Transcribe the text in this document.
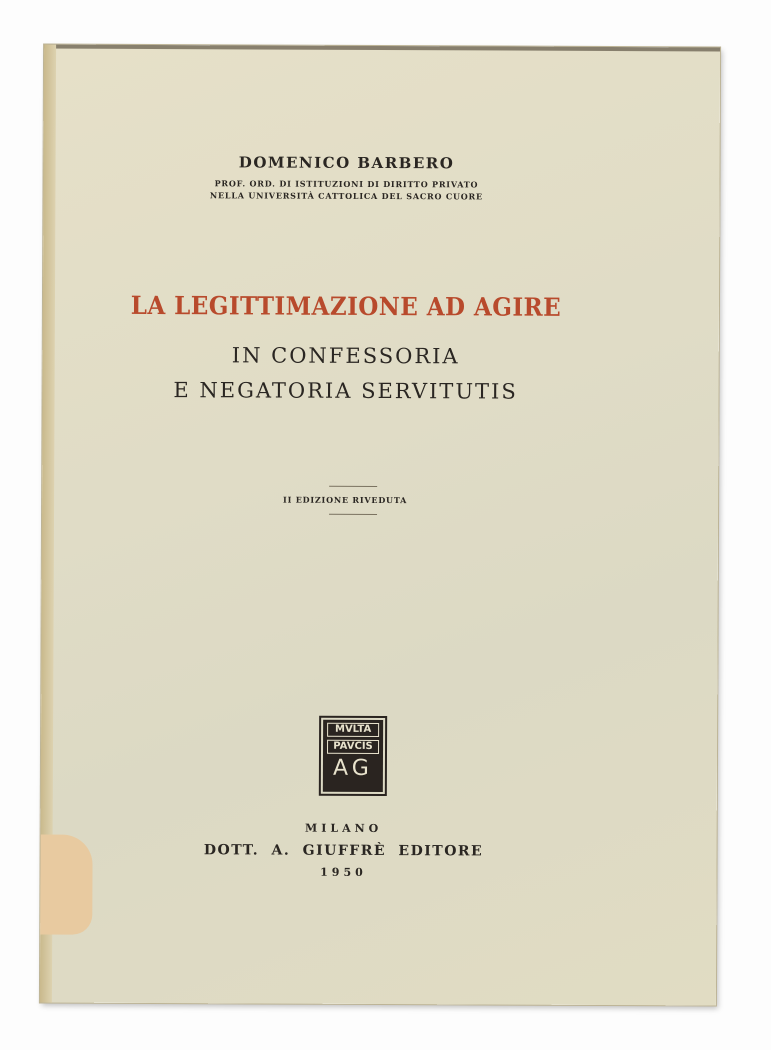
DOMENICO BARBERO
PROF. ORD. DI ISTITUZIONI DI DIRITTO PRIVATO
NELLA UNIVERSITÀ CATTOLICA DEL SACRO CUORE
LA LEGITTIMAZIONE AD AGIRE
IN CONFESSORIA
E NEGATORIA SERVITUTIS
II EDIZIONE RIVEDUTA
MVLTA
PAVCIS
AG
MILANO
DOTT. A. GIUFFRÈ EDITORE
1950
